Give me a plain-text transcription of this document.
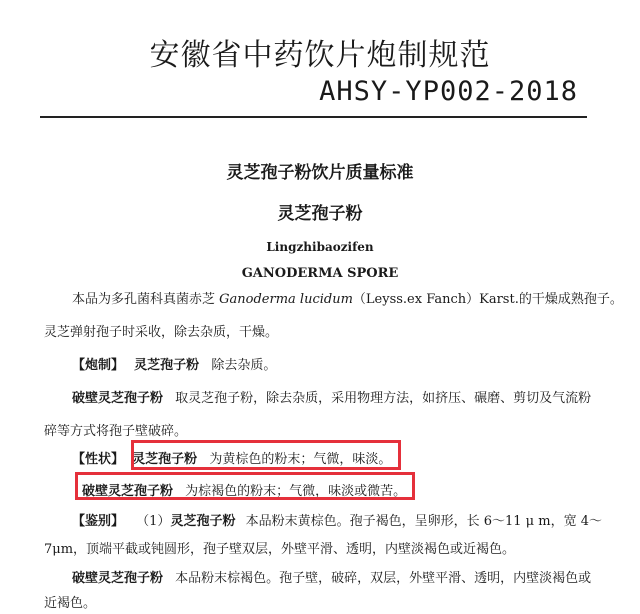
安徽省中药饮片炮制规范
AHSY-YP002-2018
灵芝孢子粉饮片质量标准
灵芝孢子粉
Lingzhibaozifen
GANODERMA SPORE
本品为多孔菌科真菌赤芝 Ganoderma lucidum（Leyss.ex Fanch）Karst.的干燥成熟孢子。
灵芝弹射孢子时采收，除去杂质，干燥。
【炮制】 灵芝孢子粉 除去杂质。
破壁灵芝孢子粉 取灵芝孢子粉，除去杂质，采用物理方法，如挤压、碾磨、剪切及气流粉
碎等方式将孢子壁破碎。
【性状】 灵芝孢子粉 为黄棕色的粉末；气微，味淡。
破壁灵芝孢子粉 为棕褐色的粉末；气微，味淡或微苦。
【鉴别】 （1）灵芝孢子粉 本品粉末黄棕色。孢子褐色，呈卵形，长 6～11 μ m，宽 4～
7μm，顶端平截或钝圆形，孢子壁双层，外壁平滑、透明，内壁淡褐色或近褐色。
破壁灵芝孢子粉 本品粉末棕褐色。孢子壁，破碎，双层，外壁平滑、透明，内壁淡褐色或
近褐色。
